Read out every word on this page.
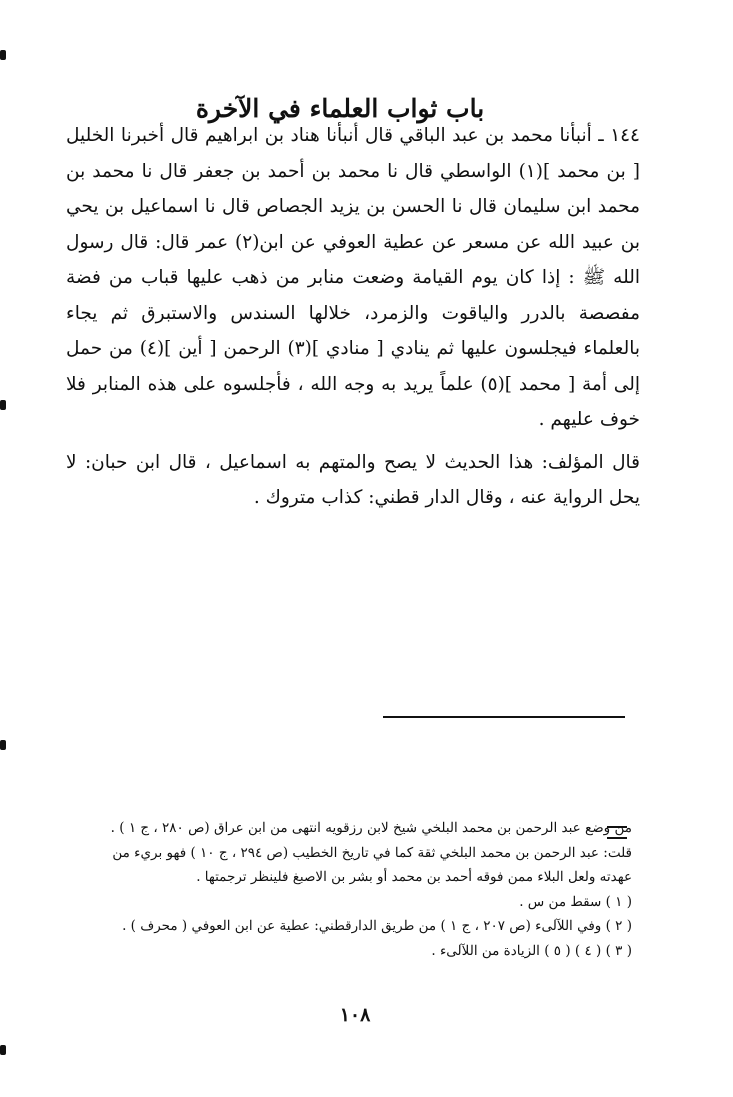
باب ثواب العلماء في الآخرة

١٤٤ ـ أنبأنا محمد بن عبد الباقي قال أنبأنا هناد بن ابراهيم قال أخبرنا الخليل [ بن محمد ](١) الواسطي قال نا محمد بن أحمد بن جعفر قال نا محمد بن محمد ابن سليمان قال نا الحسن بن يزيد الجصاص قال نا اسماعيل بن يحي بن عبيد الله عن مسعر عن عطية العوفي عن ابن(٢) عمر قال: قال رسول الله ﷺ : إذا كان يوم القيامة وضعت منابر من ذهب عليها قباب من فضة مفصصة بالدرر والياقوت والزمرد، خلالها السندس والاستبرق ثم يجاء بالعلماء فيجلسون عليها ثم ينادي [ منادي ](٣) الرحمن [ أين ](٤) من حمل إلى أمة [ محمد ](٥) علماً يريد به وجه الله ، فأجلسوه على هذه المنابر فلا خوف عليهم .

قال المؤلف: هذا الحديث لا يصح والمتهم به اسماعيل ، قال ابن حبان: لا يحل الرواية عنه ، وقال الدار قطني: كذاب متروك .

من وضع عبد الرحمن بن محمد البلخي شيخ لابن رزقويه انتهى من ابن عراق (ص ٢٨٠ ، ج ١ ) . قلت: عبد الرحمن بن محمد البلخي ثقة كما في تاريخ الخطيب (ص ٢٩٤ ، ج ١٠ ) فهو بريء من عهدته ولعل البلاء ممن فوقه أحمد بن محمد أو بشر بن الاصبغ فلينظر ترجمتها .

( ١ ) سقط من س .

( ٢ ) وفي اللآلىء (ص ٢٠٧ ، ج ١ ) من طريق الدارقطني: عطية عن ابن العوفي ( محرف ) .

( ٣ ) ( ٤ ) ( ٥ ) الزيادة من اللآلىء .

١٠٨
